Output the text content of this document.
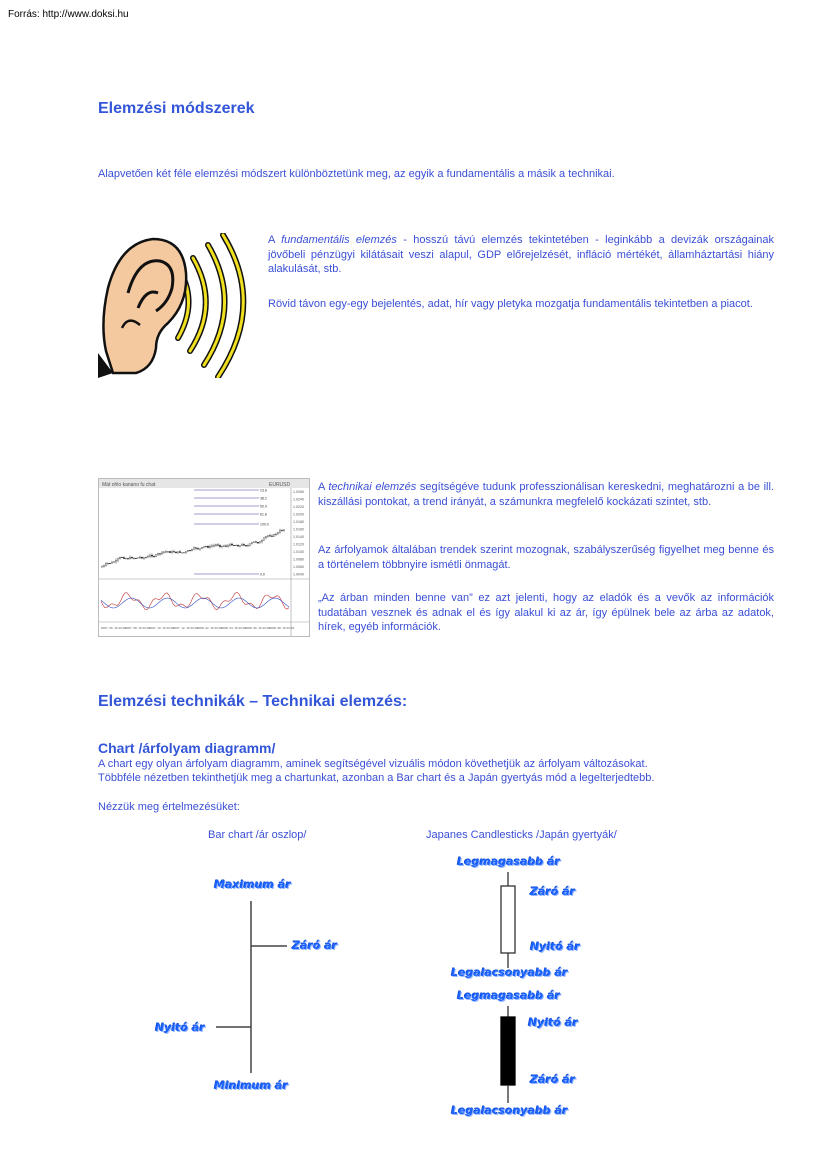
Forrás: http://www.doksi.hu
Elemzési módszerek
Alapvetően két féle elemzési módszert különböztetünk meg, az egyik a fundamentális a másik a technikai.
A fundamentális elemzés - hosszú távú elemzés tekintetében - leginkább a devizák országainak jövőbeli pénzügyi kilátásait veszi alapul, GDP előrejelzését, infláció mértékét, államháztartási hiány alakulását, stb.
Rövid távon egy-egy bejelentés, adat, hír vagy pletyka mozgatja fundamentális tekintetben a piacot.
Mát ohlo kanano fu chat	EURUSD
23.6
38.2
50.0
61.8
100.0
0.0
1.0260
1.0240
1.0220
1.0200
1.0180
1.0160
1.0140
1.0120
1.0100
1.0080
1.0060
1.0040
2007. 06. 15 22:00
2007. 08. 15 22:00
2007. 10. 15 22:00
2007. 12. 15 22:00
2008. 02. 15 22:00
2008. 04. 15 22:00
2008. 06. 15 22:00
2008. 08. 15 22:00
A technikai elemzés segítségéve tudunk professzionálisan kereskedni, meghatározni a be ill. kiszállási pontokat, a trend irányát, a számunkra megfelelő kockázati szintet, stb.
Az árfolyamok általában trendek szerint mozognak, szabályszerűség figyelhet meg benne és a történelem többnyire ismétli önmagát.
„Az árban minden benne van” ez azt jelenti, hogy az eladók és a vevők az információk tudatában vesznek és adnak el és így alakul ki az ár, így épülnek bele az árba az adatok, hírek, egyéb információk.
Elemzési technikák – Technikai elemzés:
Chart /árfolyam diagramm/
A chart egy olyan árfolyam diagramm, aminek segítségével vizuális módon követhetjük az árfolyam változásokat.
Többféle nézetben tekinthetjük meg a chartunkat, azonban a Bar chart és a Japán gyertyás mód a legelterjedtebb.
Nézzük meg értelmezésüket:
Bar chart /ár oszlop/	Japanes Candlesticks /Japán gyertyák/
Maximum ár
Záró ár
Nyitó ár
Minimum ár
Legmagasabb ár
Záró ár
Nyitó ár
Legalacsonyabb ár
Legmagasabb ár
Nyitó ár
Záró ár
Legalacsonyabb ár
